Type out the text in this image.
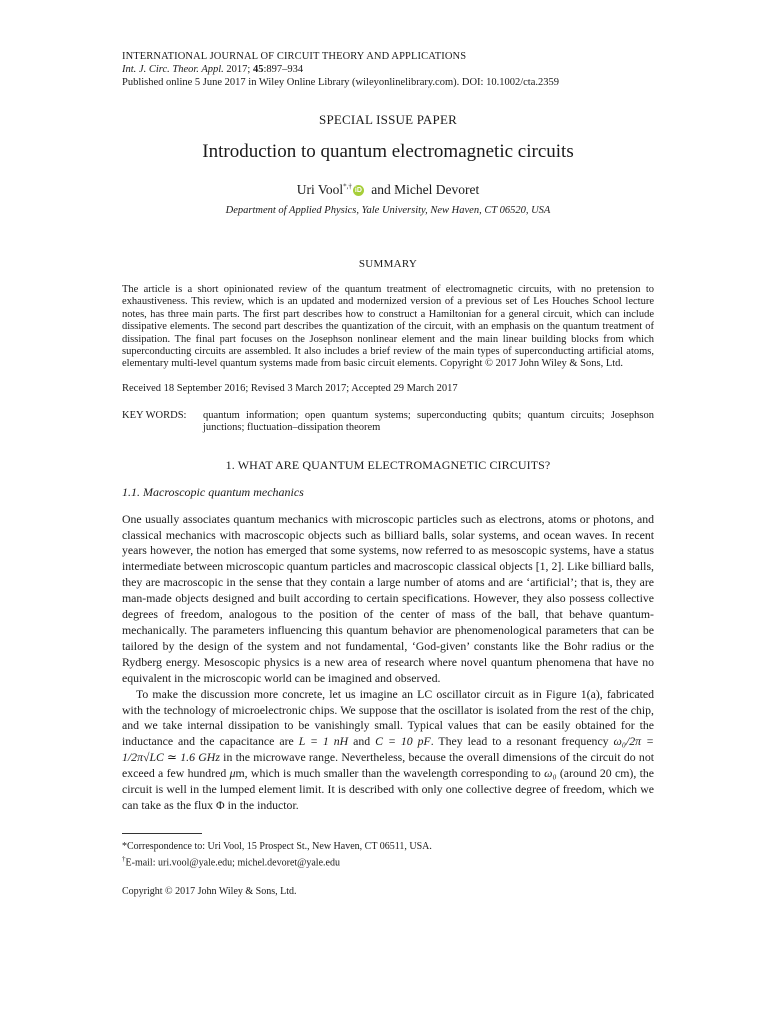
INTERNATIONAL JOURNAL OF CIRCUIT THEORY AND APPLICATIONS
Int. J. Circ. Theor. Appl. 2017; 45:897–934
Published online 5 June 2017 in Wiley Online Library (wileyonlinelibrary.com). DOI: 10.1002/cta.2359
SPECIAL ISSUE PAPER
Introduction to quantum electromagnetic circuits
Uri Vool*,† iD and Michel Devoret
Department of Applied Physics, Yale University, New Haven, CT 06520, USA
SUMMARY
The article is a short opinionated review of the quantum treatment of electromagnetic circuits, with no pretension to exhaustiveness. This review, which is an updated and modernized version of a previous set of Les Houches School lecture notes, has three main parts. The first part describes how to construct a Hamiltonian for a general circuit, which can include dissipative elements. The second part describes the quantization of the circuit, with an emphasis on the quantum treatment of dissipation. The final part focuses on the Josephson nonlinear element and the main linear building blocks from which superconducting circuits are assembled. It also includes a brief review of the main types of superconducting artificial atoms, elementary multi-level quantum systems made from basic circuit elements. Copyright © 2017 John Wiley & Sons, Ltd.
Received 18 September 2016; Revised 3 March 2017; Accepted 29 March 2017
KEY WORDS:	quantum information; open quantum systems; superconducting qubits; quantum circuits; Josephson junctions; fluctuation–dissipation theorem
1. WHAT ARE QUANTUM ELECTROMAGNETIC CIRCUITS?
1.1. Macroscopic quantum mechanics

One usually associates quantum mechanics with microscopic particles such as electrons, atoms or photons, and classical mechanics with macroscopic objects such as billiard balls, solar systems, and ocean waves. In recent years however, the notion has emerged that some systems, now referred to as mesoscopic systems, have a status intermediate between microscopic quantum particles and macroscopic classical objects [1, 2]. Like billiard balls, they are macroscopic in the sense that they contain a large number of atoms and are ‘artificial’; that is, they are man-made objects designed and built according to certain specifications. However, they also possess collective degrees of freedom, analogous to the position of the center of mass of the ball, that behave quantum-mechanically. The parameters influencing this quantum behavior are phenomenological parameters that can be tailored by the design of the system and not fundamental, ‘God-given’ constants like the Bohr radius or the Rydberg energy. Mesoscopic physics is a new area of research where novel quantum phenomena that have no equivalent in the microscopic world can be imagined and observed.

To make the discussion more concrete, let us imagine an LC oscillator circuit as in Figure 1(a), fabricated with the technology of microelectronic chips. We suppose that the oscillator is isolated from the rest of the chip, and we take internal dissipation to be vanishingly small. Typical values that can be easily obtained for the inductance and the capacitance are L = 1 nH and C = 10 pF. They lead to a resonant frequency ω₀/2π = 1/2π√LC ≃ 1.6 GHz in the microwave range. Nevertheless, because the overall dimensions of the circuit do not exceed a few hundred μm, which is much smaller than the wavelength corresponding to ω₀ (around 20 cm), the circuit is well in the lumped element limit. It is described with only one collective degree of freedom, which we can take as the flux Φ in the inductor.

*Correspondence to: Uri Vool, 15 Prospect St., New Haven, CT 06511, USA.
†E-mail: uri.vool@yale.edu; michel.devoret@yale.edu
Copyright © 2017 John Wiley & Sons, Ltd.
